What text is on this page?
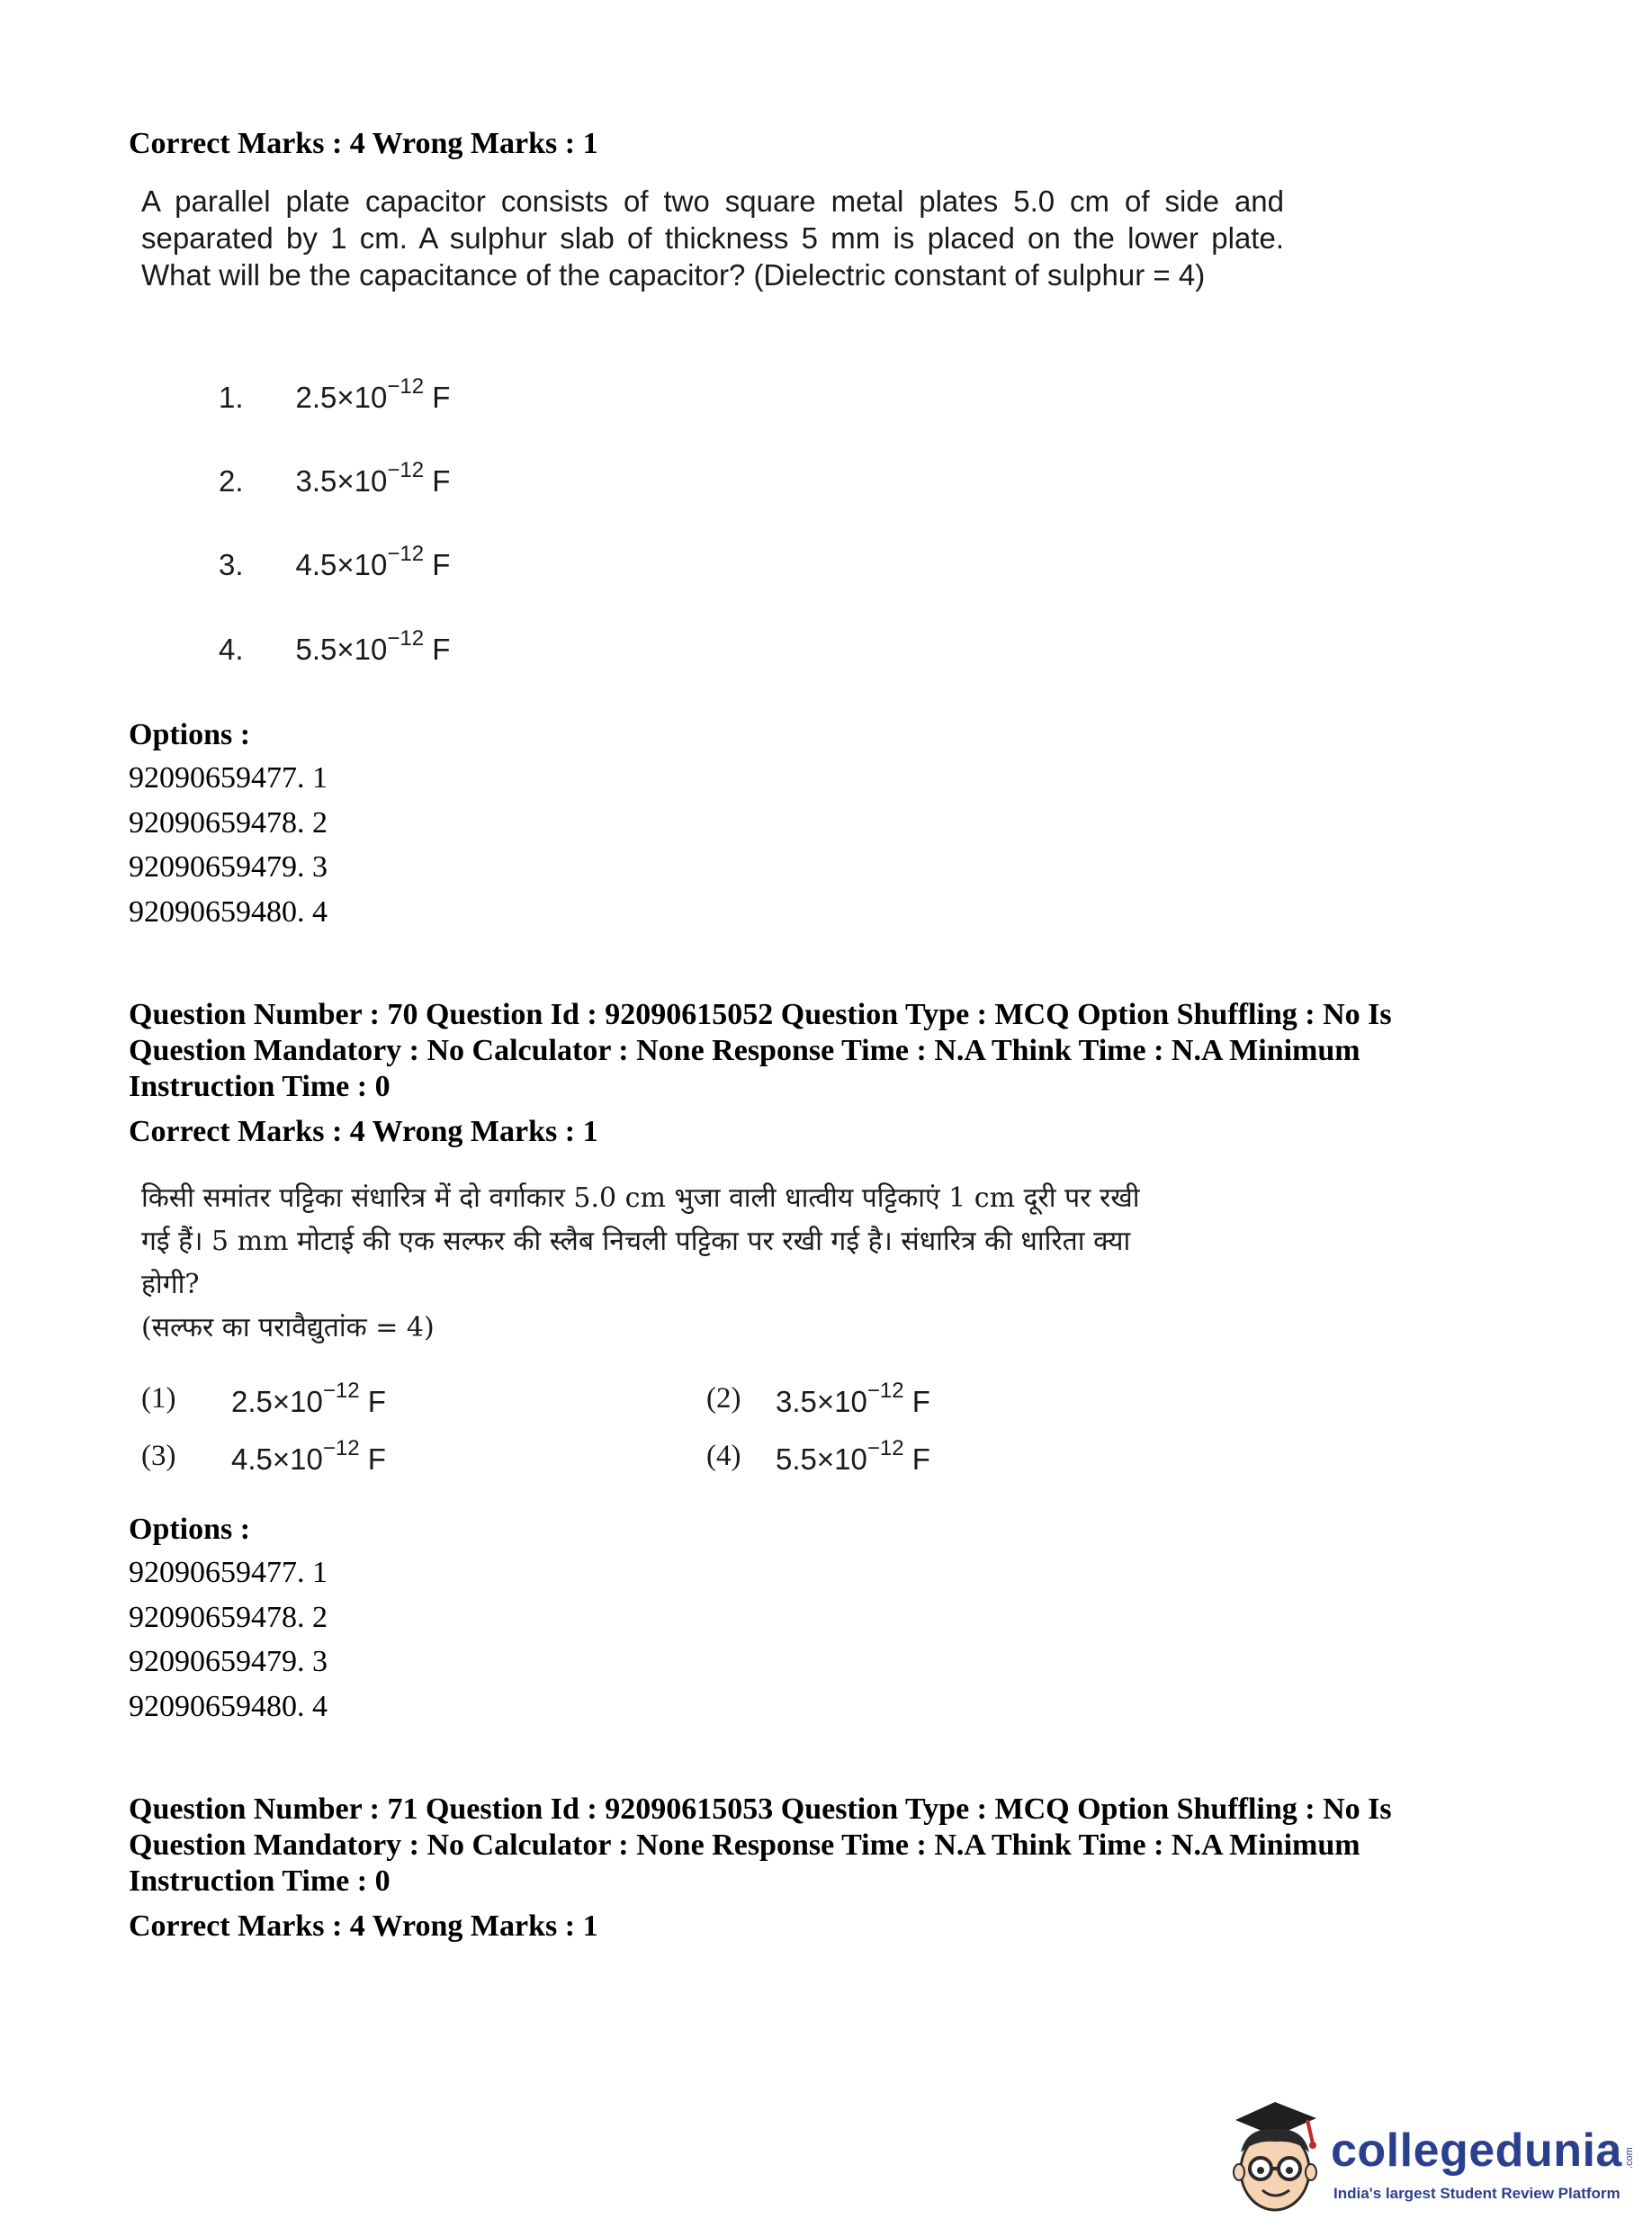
Correct Marks : 4 Wrong Marks : 1

A parallel plate capacitor consists of two square metal plates 5.0 cm of side and separated by 1 cm. A sulphur slab of thickness 5 mm is placed on the lower plate. What will be the capacitance of the capacitor? (Dielectric constant of sulphur = 4)

1. $2.5\times 10^{-12}$ F
2. $3.5\times 10^{-12}$ F
3. $4.5\times 10^{-12}$ F
4. $5.5\times 10^{-12}$ F
Options :
92090659477. 1
92090659478. 2
92090659479. 3
92090659480. 4
Question Number : 70 Question Id : 92090615052 Question Type : MCQ Option Shuffling : No Is
Question Mandatory : No Calculator : None Response Time : N.A Think Time : N.A Minimum
Instruction Time : 0
Correct Marks : 4 Wrong Marks : 1
किसी समांतर पट्टिका संधारित्र में दो वर्गाकार 5.0 cm भुजा वाली धात्वीय पट्टिकाएं 1 cm दूरी पर रखी
गई हैं। 5 mm मोटाई की एक सल्फर की स्लैब निचली पट्टिका पर रखी गई है। संधारित्र की धारिता क्या
होगी?
(सल्फर का परावैद्युतांक = 4)
(1) $2.5\times 10^{-12}$ F	(2) $3.5\times 10^{-12}$ F
(3) $4.5\times 10^{-12}$ F	(4) $5.5\times 10^{-12}$ F
Options :
92090659477. 1
92090659478. 2
92090659479. 3
92090659480. 4
Question Number : 71 Question Id : 92090615053 Question Type : MCQ Option Shuffling : No Is
Question Mandatory : No Calculator : None Response Time : N.A Think Time : N.A Minimum
Instruction Time : 0
Correct Marks : 4 Wrong Marks : 1
collegedunia .com
India's largest Student Review Platform
